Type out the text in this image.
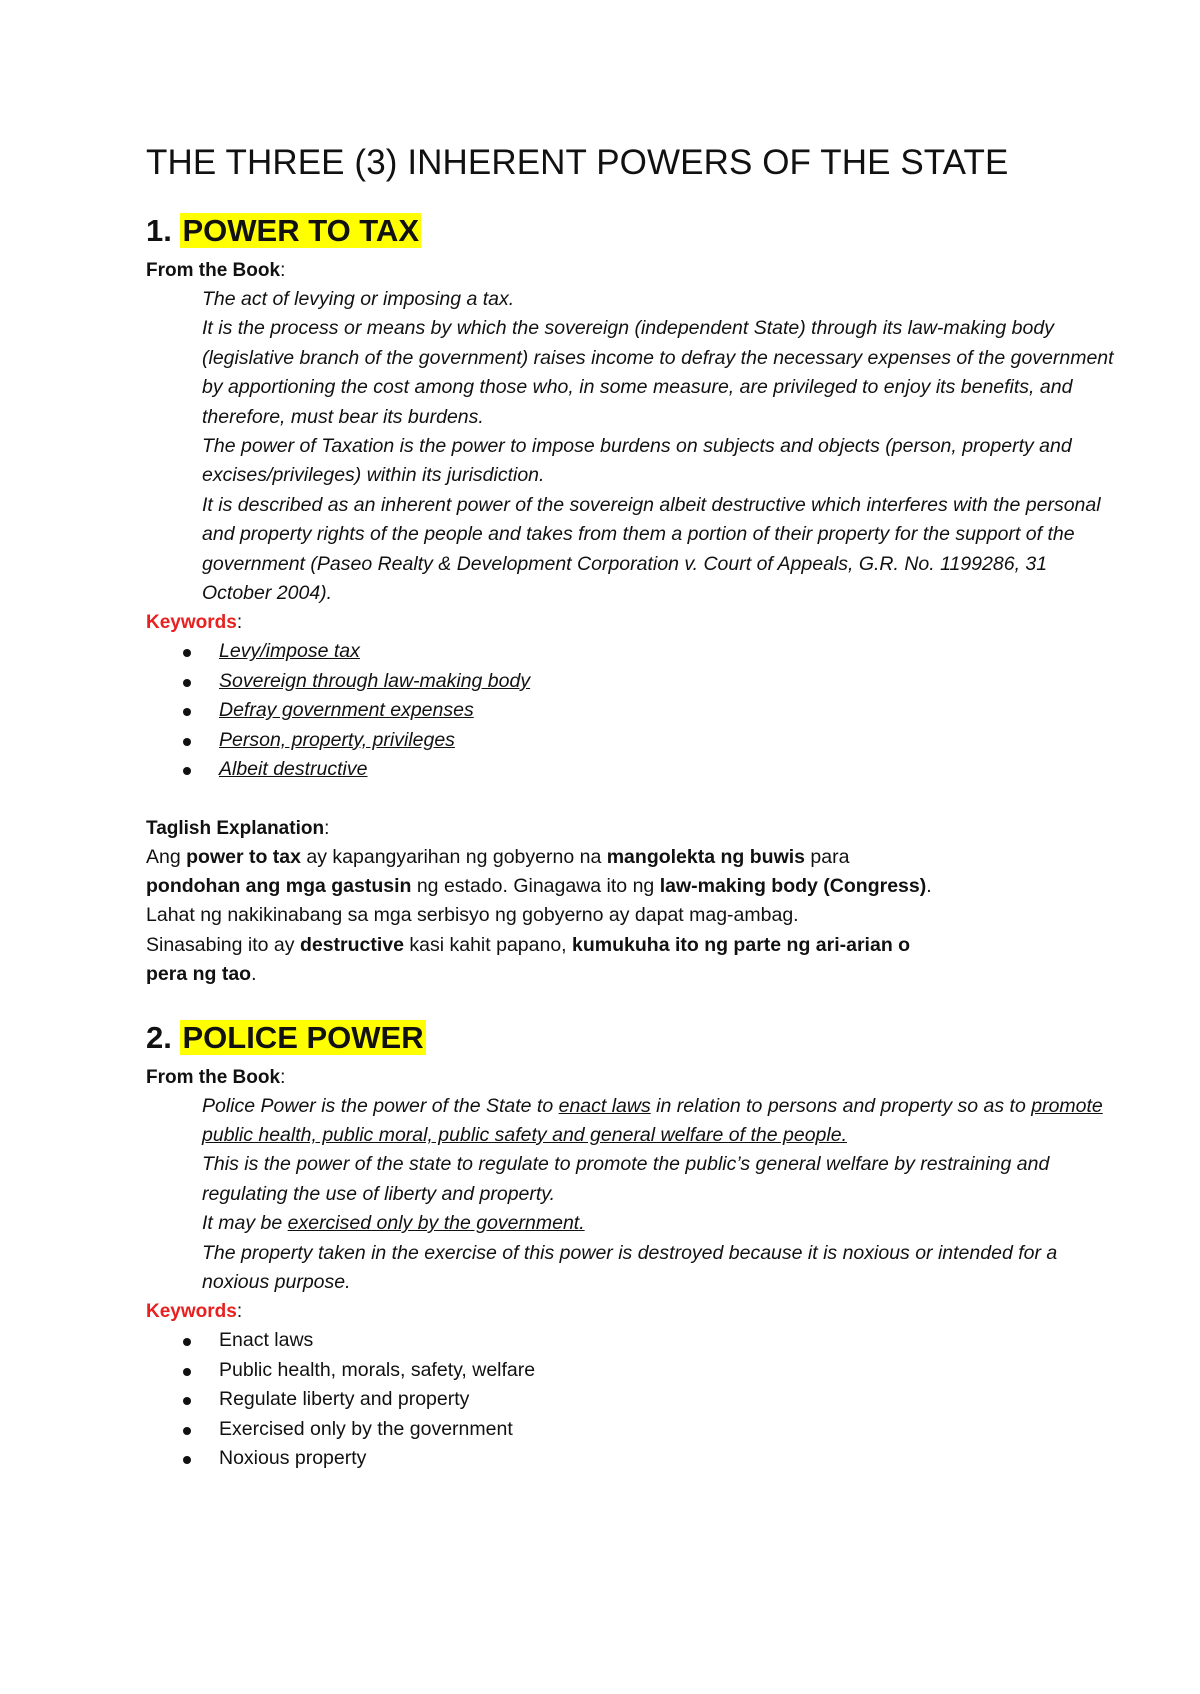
THE THREE (3) INHERENT POWERS OF THE STATE
1. POWER TO TAX

From the Book:

The act of levying or imposing a tax.

It is the process or means by which the sovereign (independent State) through its law-making body (legislative branch of the government) raises income to defray the necessary expenses of the government by apportioning the cost among those who, in some measure, are privileged to enjoy its benefits, and therefore, must bear its burdens.

The power of Taxation is the power to impose burdens on subjects and objects (person, property and excises/privileges) within its jurisdiction.

It is described as an inherent power of the sovereign albeit destructive which interferes with the personal and property rights of the people and takes from them a portion of their property for the support of the government (Paseo Realty & Development Corporation v. Court of Appeals, G.R. No. 1199286, 31 October 2004).

Keywords:

Levy/impose tax
Sovereign through law-making body
Defray government expenses
Person, property, privileges
Albeit destructive

Taglish Explanation:

Ang power to tax ay kapangyarihan ng gobyerno na mangolekta ng buwis para

pondohan ang mga gastusin ng estado. Ginagawa ito ng law-making body (Congress).

Lahat ng nakikinabang sa mga serbisyo ng gobyerno ay dapat mag-ambag.

Sinasabing ito ay destructive kasi kahit papano, kumukuha ito ng parte ng ari-arian o

pera ng tao.

2. POLICE POWER

From the Book:

Police Power is the power of the State to enact laws in relation to persons and property so as to promote public health, public moral, public safety and general welfare of the people.

This is the power of the state to regulate to promote the public’s general welfare by restraining and regulating the use of liberty and property.

It may be exercised only by the government.

The property taken in the exercise of this power is destroyed because it is noxious or intended for a noxious purpose.

Keywords:

Enact laws
Public health, morals, safety, welfare
Regulate liberty and property
Exercised only by the government
Noxious property
